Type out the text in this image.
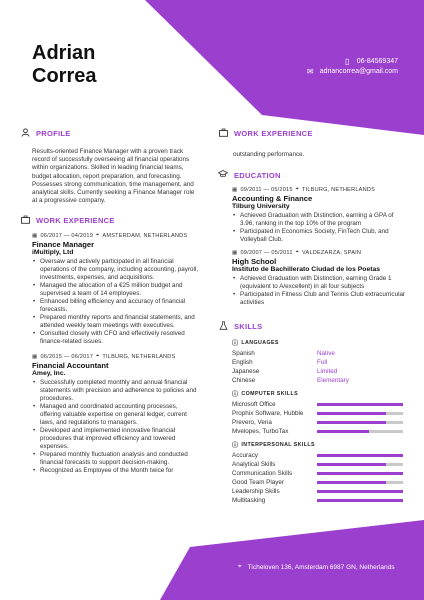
Adrian
Correa
▯	06-84569347
✉ adriancorrea@gmail.com
PROFILE
Results-oriented Finance Manager with a proven track record of successfully overseeing all financial operations within organizations. Skilled in leading financial teams, budget allocation, report preparation, and forecasting. Possesses strong communication, time management, and analytical skills. Currently seeking a Finance Manager role at a progressive company.
WORK EXPERIENCE
▦ 06/2017 — 04/2019 ⌖ AMSTERDAM, NETHERLANDS
Finance Manager
iMultiply, Ltd
• Oversaw and actively participated in all financial operations of the company, including accounting, payroll, investments, expenses, and acquisitions.
• Managed the allocation of a €25 million budget and supervised a team of 14 employees.
• Enhanced billing efficiency and accuracy of financial forecasts.
• Prepared monthly reports and financial statements, and attended weekly team meetings with executives.
• Consulted closely with CFO and effectively resolved finance-related issues.
▦ 06/2015 — 06/2017 ⌖ TILBURG, NETHERLANDS
Financial Accountant
Amey, Inc.
• Successfully completed monthly and annual financial statements with precision and adherence to policies and procedures.
• Managed and coordinated accounting processes, offering valuable expertise on general ledger, current laws, and regulations to managers.
• Developed and implemented innovative financial procedures that improved efficiency and lowered expenses.
• Prepared monthly fluctuation analysis and conducted financial forecasts to support decision-making.
• Recognized as Employee of the Month twice for
WORK EXPERIENCE
outstanding performance.
EDUCATION
▦ 09/2011 — 05/2015 ⌖ TILBURG, NETHERLANDS
Accounting & Finance
Tilburg University
• Achieved Graduation with Distinction, earning a GPA of 3.96, ranking in the top 10% of the program
• Participated in Economics Society, FinTech Club, and Volleyball Club.
▦ 09/2007 — 05/2011 ⌖ VALDEZARZA, SPAIN
High School
Instituto de Bachillerato Ciudad de los Poetas
• Achieved Graduation with Distinction, earning Grade 1 (equivalent to A/excellent) in all four subjects
• Participated in Fitness Club and Tennis Club extracurricular activities
SKILLS
ⓘ LANGUAGES
Spanish	Native
English	Full
Japanese	Limited
Chinese	Elementary
ⓘ COMPUTER SKILLS
Microsoft Office
Prophix Software, Hubble
Prevero, Vena
Mvelopes, TurboTax
ⓘ INTERPERSONAL SKILLS
Accuracy
Analytical Skills
Communication Skills
Good Team Player
Leadership Skills
Multitasking
⌖ Ticheloven 136, Amsterdam 6987 GN, Netherlands
